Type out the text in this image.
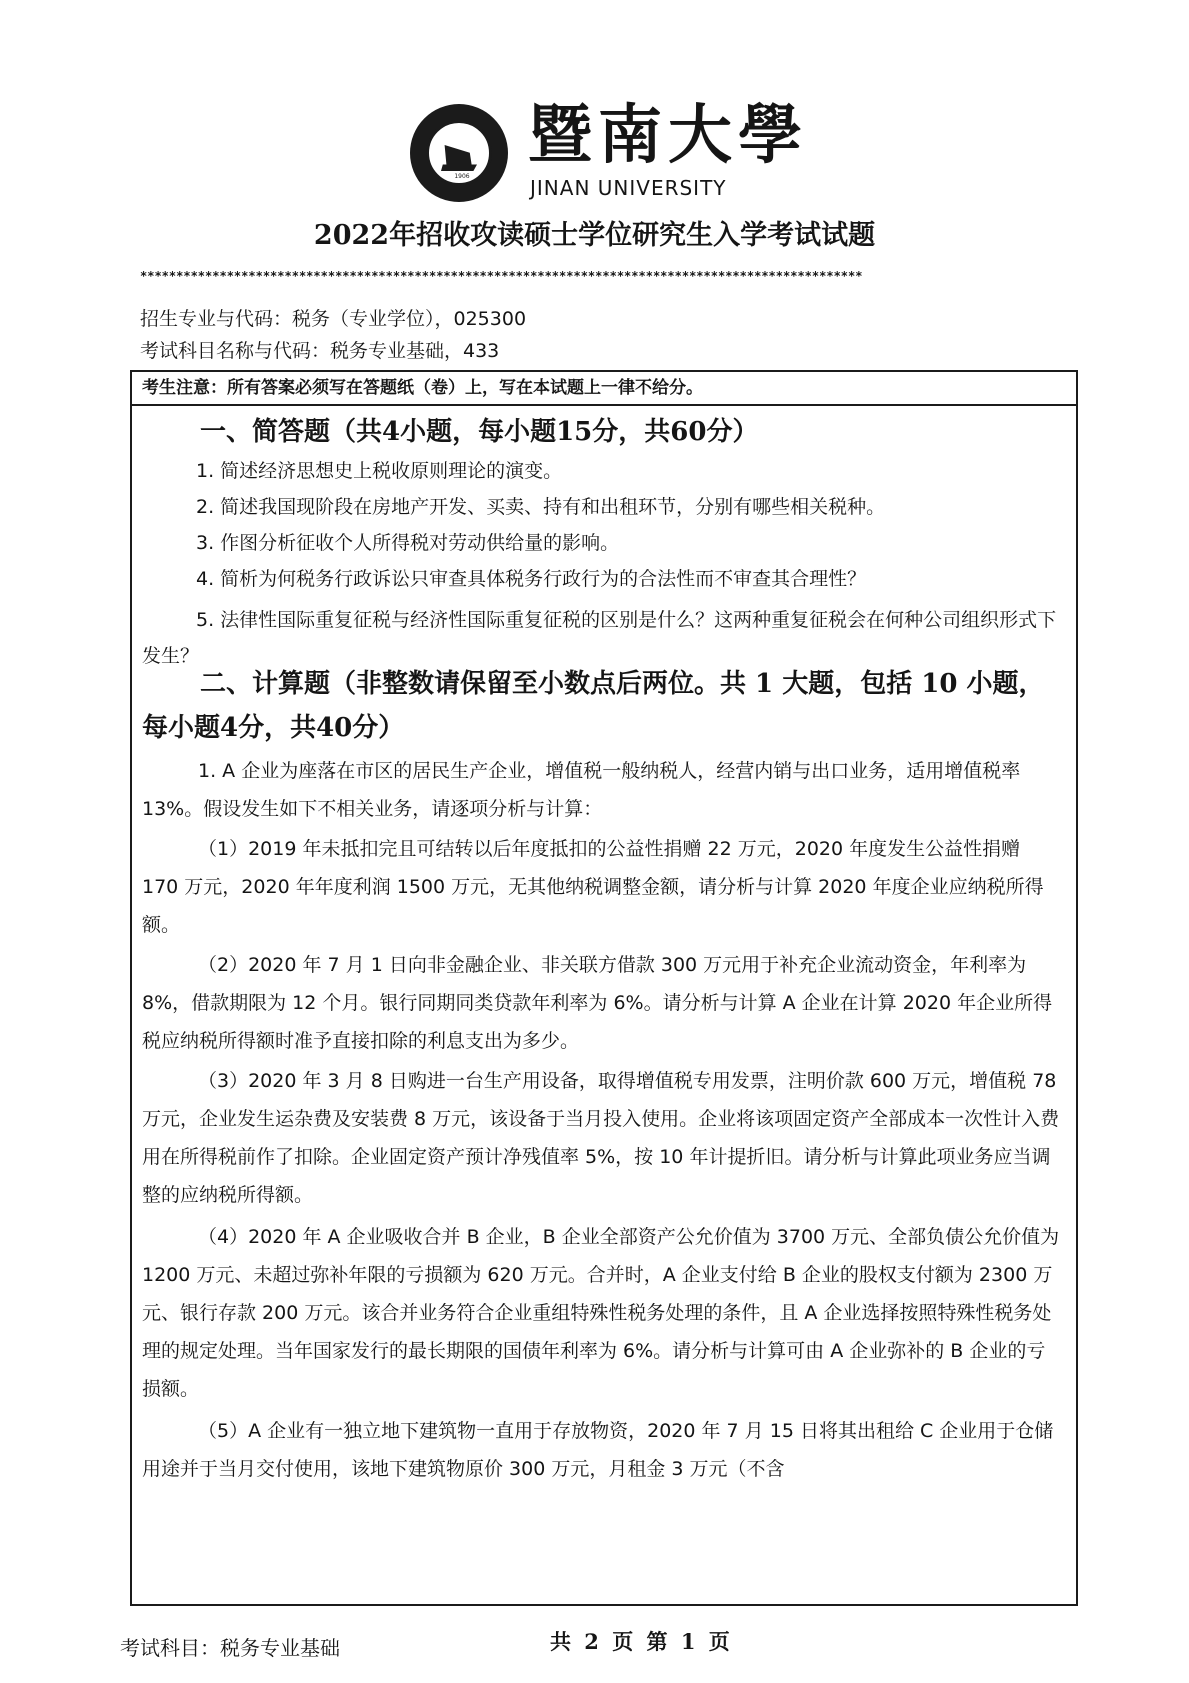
1906
暨南大學
JINAN UNIVERSITY
2022年招收攻读硕士学位研究生入学考试试题
****************************************************************************************************
招生专业与代码：税务（专业学位），025300
考试科目名称与代码：税务专业基础，433
考生注意：所有答案必须写在答题纸（卷）上，写在本试题上一律不给分。
一、简答题（共4小题，每小题15分，共60分）
1. 简述经济思想史上税收原则理论的演变。
2. 简述我国现阶段在房地产开发、买卖、持有和出租环节，分别有哪些相关税种。
3. 作图分析征收个人所得税对劳动供给量的影响。
4. 简析为何税务行政诉讼只审查具体税务行政行为的合法性而不审查其合理性？
5. 法律性国际重复征税与经济性国际重复征税的区别是什么？这两种重复征税会在何种公司组织形式下发生？
二、计算题（非整数请保留至小数点后两位。共 1 大题，包括 10 小题，每小题4分，共40分）
1. A 企业为座落在市区的居民生产企业，增值税一般纳税人，经营内销与出口业务，适用增值税率 13%。假设发生如下不相关业务，请逐项分析与计算：
（1）2019 年未抵扣完且可结转以后年度抵扣的公益性捐赠 22 万元，2020 年度发生公益性捐赠 170 万元，2020 年年度利润 1500 万元，无其他纳税调整金额，请分析与计算 2020 年度企业应纳税所得额。
（2）2020 年 7 月 1 日向非金融企业、非关联方借款 300 万元用于补充企业流动资金，年利率为 8%，借款期限为 12 个月。银行同期同类贷款年利率为 6%。请分析与计算 A 企业在计算 2020 年企业所得税应纳税所得额时准予直接扣除的利息支出为多少。
（3）2020 年 3 月 8 日购进一台生产用设备，取得增值税专用发票，注明价款 600 万元，增值税 78 万元，企业发生运杂费及安装费 8 万元，该设备于当月投入使用。企业将该项固定资产全部成本一次性计入费用在所得税前作了扣除。企业固定资产预计净残值率 5%，按 10 年计提折旧。请分析与计算此项业务应当调整的应纳税所得额。
（4）2020 年 A 企业吸收合并 B 企业，B 企业全部资产公允价值为 3700 万元、全部负债公允价值为 1200 万元、未超过弥补年限的亏损额为 620 万元。合并时，A 企业支付给 B 企业的股权支付额为 2300 万元、银行存款 200 万元。该合并业务符合企业重组特殊性税务处理的条件，且 A 企业选择按照特殊性税务处理的规定处理。当年国家发行的最长期限的国债年利率为 6%。请分析与计算可由 A 企业弥补的 B 企业的亏损额。
（5）A 企业有一独立地下建筑物一直用于存放物资，2020 年 7 月 15 日将其出租给 C 企业用于仓储用途并于当月交付使用，该地下建筑物原价 300 万元，月租金 3 万元（不含
考试科目：税务专业基础	共 2 页 第 1 页
